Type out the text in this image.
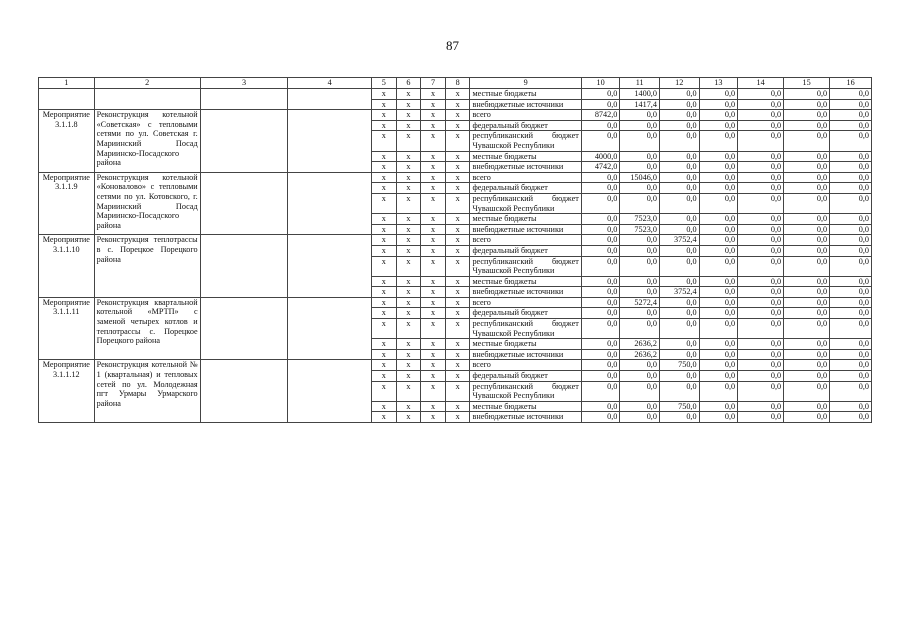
87
1	2	3	4	5	6	7	8	9	10	11	12	13	14	15	16
				x	x	x	x	местные бюджеты	0,0	1400,0	0,0	0,0	0,0	0,0	0,0
				x	x	x	x	внебюджетные источники	0,0	1417,4	0,0	0,0	0,0	0,0	0,0
Мероприятие 3.1.1.8	Реконструкция котельной «Советская» с тепловыми сетями по ул. Советская г. Мариинский Посад Мариинско-Посадского района			x	x	x	x	всего	8742,0	0,0	0,0	0,0	0,0	0,0	0,0
				x	x	x	x	федеральный бюджет	0,0	0,0	0,0	0,0	0,0	0,0	0,0
				x	x	x	x	республиканский бюджет Чувашской Республики	0,0	0,0	0,0	0,0	0,0	0,0	0,0
				x	x	x	x	местные бюджеты	4000,0	0,0	0,0	0,0	0,0	0,0	0,0
				x	x	x	x	внебюджетные источники	4742,0	0,0	0,0	0,0	0,0	0,0	0,0
Мероприятие 3.1.1.9	Реконструкция котельной «Коновалово» с тепловыми сетями по ул. Котовского, г. Мариинский Посад Мариинско-Посадского района			x	x	x	x	всего	0,0	15046,0	0,0	0,0	0,0	0,0	0,0
				x	x	x	x	федеральный бюджет	0,0	0,0	0,0	0,0	0,0	0,0	0,0
				x	x	x	x	республиканский бюджет Чувашской Республики	0,0	0,0	0,0	0,0	0,0	0,0	0,0
				x	x	x	x	местные бюджеты	0,0	7523,0	0,0	0,0	0,0	0,0	0,0
				x	x	x	x	внебюджетные источники	0,0	7523,0	0,0	0,0	0,0	0,0	0,0
Мероприятие 3.1.1.10	Реконструкция теплотрассы в с. Порецкое Порецкого района			x	x	x	x	всего	0,0	0,0	3752,4	0,0	0,0	0,0	0,0
				x	x	x	x	федеральный бюджет	0,0	0,0	0,0	0,0	0,0	0,0	0,0
				x	x	x	x	республиканский бюджет Чувашской Республики	0,0	0,0	0,0	0,0	0,0	0,0	0,0
				x	x	x	x	местные бюджеты	0,0	0,0	0,0	0,0	0,0	0,0	0,0
				x	x	x	x	внебюджетные источники	0,0	0,0	3752,4	0,0	0,0	0,0	0,0
Мероприятие 3.1.1.11	Реконструкция квартальной котельной «МРТП» с заменой четырех котлов и теплотрассы с. Порецкое Порецкого района			x	x	x	x	всего	0,0	5272,4	0,0	0,0	0,0	0,0	0,0
				x	x	x	x	федеральный бюджет	0,0	0,0	0,0	0,0	0,0	0,0	0,0
				x	x	x	x	республиканский бюджет Чувашской Республики	0,0	0,0	0,0	0,0	0,0	0,0	0,0
				x	x	x	x	местные бюджеты	0,0	2636,2	0,0	0,0	0,0	0,0	0,0
				x	x	x	x	внебюджетные источники	0,0	2636,2	0,0	0,0	0,0	0,0	0,0
Мероприятие 3.1.1.12	Реконструкция котельной № 1 (квартальная) и тепловых сетей по ул. Молодежная пгт Урмары Урмарского района			x	x	x	x	всего	0,0	0,0	750,0	0,0	0,0	0,0	0,0
				x	x	x	x	федеральный бюджет	0,0	0,0	0,0	0,0	0,0	0,0	0,0
				x	x	x	x	республиканский бюджет Чувашской Республики	0,0	0,0	0,0	0,0	0,0	0,0	0,0
				x	x	x	x	местные бюджеты	0,0	0,0	750,0	0,0	0,0	0,0	0,0
				x	x	x	x	внебюджетные источники	0,0	0,0	0,0	0,0	0,0	0,0	0,0
